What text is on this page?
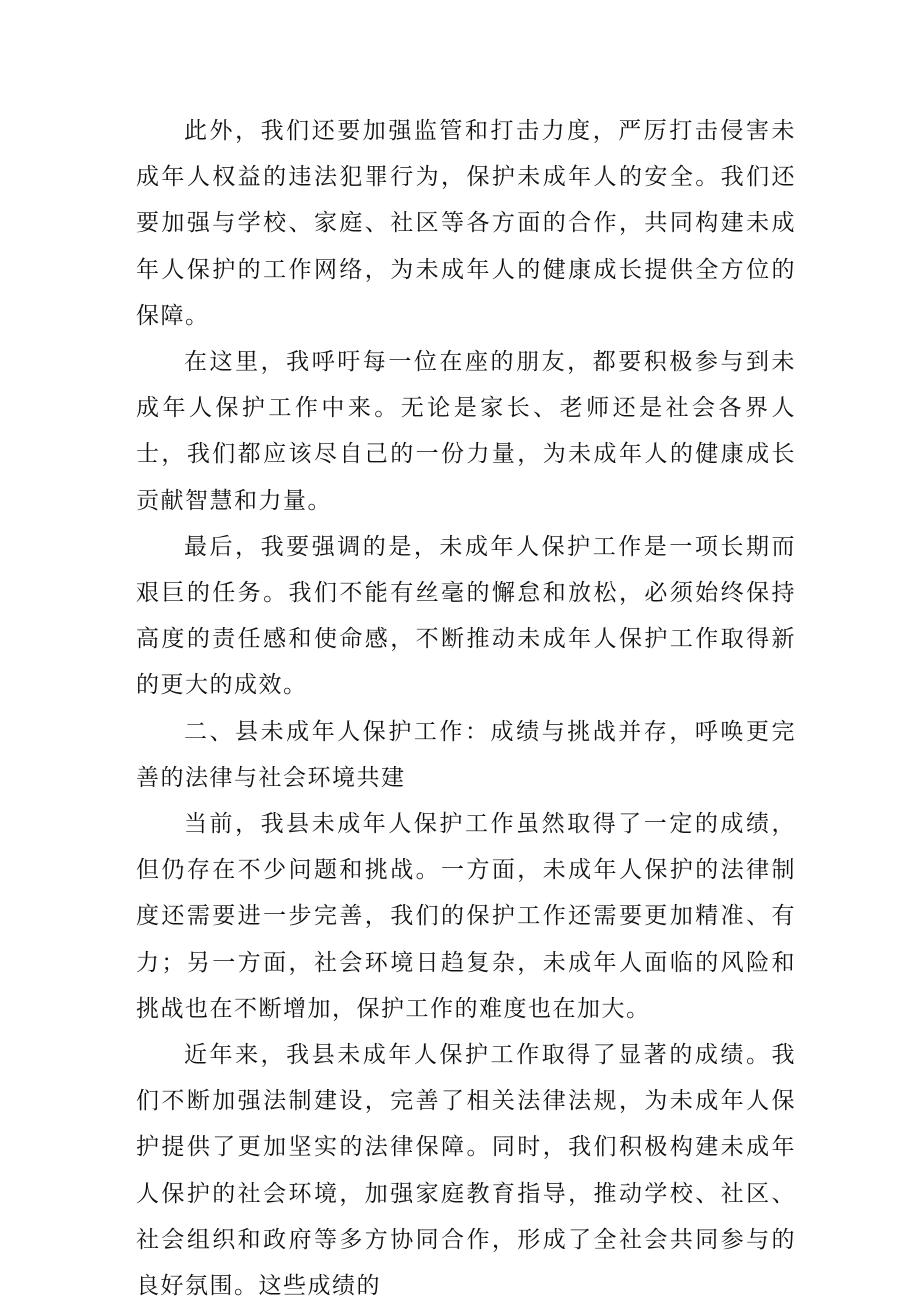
此外，我们还要加强监管和打击力度，严厉打击侵害未成年人权益的违法犯罪行为，保护未成年人的安全。我们还要加强与学校、家庭、社区等各方面的合作，共同构建未成年人保护的工作网络，为未成年人的健康成长提供全方位的保障。

在这里，我呼吁每一位在座的朋友，都要积极参与到未成年人保护工作中来。无论是家长、老师还是社会各界人士，我们都应该尽自己的一份力量，为未成年人的健康成长贡献智慧和力量。

最后，我要强调的是，未成年人保护工作是一项长期而艰巨的任务。我们不能有丝毫的懈怠和放松，必须始终保持高度的责任感和使命感，不断推动未成年人保护工作取得新的更大的成效。

二、县未成年人保护工作：成绩与挑战并存，呼唤更完善的法律与社会环境共建

当前，我县未成年人保护工作虽然取得了一定的成绩，但仍存在不少问题和挑战。一方面，未成年人保护的法律制度还需要进一步完善，我们的保护工作还需要更加精准、有力；另一方面，社会环境日趋复杂，未成年人面临的风险和挑战也在不断增加，保护工作的难度也在加大。

近年来，我县未成年人保护工作取得了显著的成绩。我们不断加强法制建设，完善了相关法律法规，为未成年人保护提供了更加坚实的法律保障。同时，我们积极构建未成年人保护的社会环境，加强家庭教育指导，推动学校、社区、社会组织和政府等多方协同合作，形成了全社会共同参与的良好氛围。这些成绩的
